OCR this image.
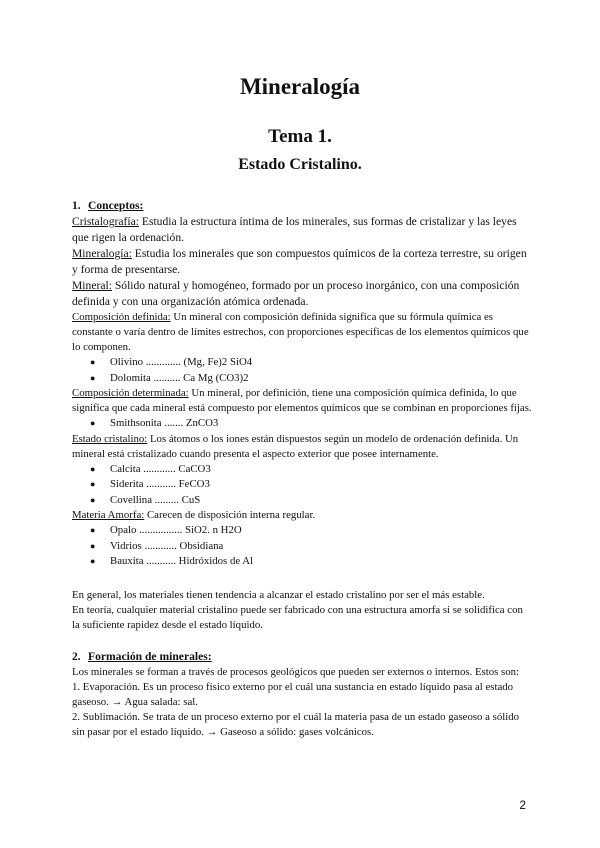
Mineralogía
Tema 1.
Estado Cristalino.

1. Conceptos:

Cristalografía: Estudia la estructura íntima de los minerales, sus formas de cristalizar y las leyes que rigen la ordenación.

Mineralogía: Estudia los minerales que son compuestos químicos de la corteza terrestre, su origen y forma de presentarse.

Mineral: Sólido natural y homogéneo, formado por un proceso inorgánico, con una composición definida y con una organización atómica ordenada.

Composición definida: Un mineral con composición definida significa que su fórmula química es constante o varía dentro de límites estrechos, con proporciones específicas de los elementos químicos que lo componen.

● Olivino ............. (Mg, Fe)2 SiO4
● Dolomita .......... Ca Mg (CO3)2

Composición determinada: Un mineral, por definición, tiene una composición química definida, lo que significa que cada mineral está compuesto por elementos químicos que se combinan en proporciones fijas.

● Smithsonita ....... ZnCO3

Estado cristalino: Los átomos o los iones están dispuestos según un modelo de ordenación definida. Un mineral está cristalizado cuando presenta el aspecto exterior que posee internamente.

● Calcita ............ CaCO3
● Siderita ........... FeCO3
● Covellina ......... CuS

Materia Amorfa: Carecen de disposición interna regular.

● Opalo ................ SiO2. n H2O
● Vidrios ............ Obsidiana
● Bauxita ........... Hidróxidos de Al

En general, los materiales tienen tendencia a alcanzar el estado cristalino por ser el más estable.

En teoría, cualquier material cristalino puede ser fabricado con una estructura amorfa si se solidifica con la suficiente rapidez desde el estado líquido.

2. Formación de minerales:

Los minerales se forman a través de procesos geológicos que pueden ser externos o internos. Estos son:

1. Evaporación. Es un proceso físico externo por el cuál una sustancia en estado líquido pasa al estado gaseoso. → Agua salada: sal.

2. Sublimación. Se trata de un proceso externo por el cuál la materia pasa de un estado gaseoso a sólido sin pasar por el estado líquido. → Gaseoso a sólido: gases volcánicos.

2
